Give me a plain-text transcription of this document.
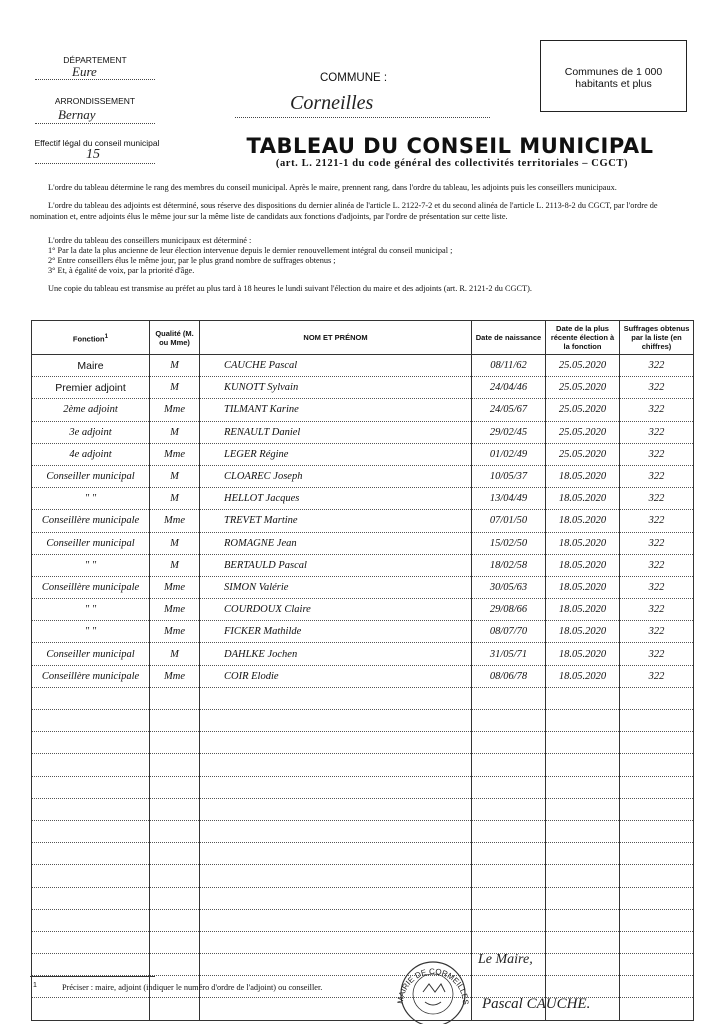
DÉPARTEMENT
Eure
ARRONDISSEMENT
Bernay
Effectif légal du conseil municipal
15
COMMUNE :
Corneilles
Communes de 1 000 habitants et plus
TABLEAU DU CONSEIL MUNICIPAL
(art. L. 2121-1 du code général des collectivités territoriales – CGCT)
L'ordre du tableau détermine le rang des membres du conseil municipal. Après le maire, prennent rang, dans l'ordre du tableau, les adjoints puis les conseillers municipaux.
L'ordre du tableau des adjoints est déterminé, sous réserve des dispositions du dernier alinéa de l'article L. 2122-7-2 et du second alinéa de l'article L. 2113-8-2 du CGCT, par l'ordre de nomination et, entre adjoints élus le même jour sur la même liste de candidats aux fonctions d'adjoints, par l'ordre de présentation sur cette liste.
L'ordre du tableau des conseillers municipaux est déterminé :
1° Par la date la plus ancienne de leur élection intervenue depuis le dernier renouvellement intégral du conseil municipal ;
2° Entre conseillers élus le même jour, par le plus grand nombre de suffrages obtenus ;
3° Et, à égalité de voix, par la priorité d'âge.
Une copie du tableau est transmise au préfet au plus tard à 18 heures le lundi suivant l'élection du maire et des adjoints (art. R. 2121-2 du CGCT).
Fonction$^1$	Qualité (M. ou Mme)	NOM ET PRÉNOM	Date de naissance	Date de la plus récente élection à la fonction	Suffrages obtenus par la liste (en chiffres)
Maire	M	CAUCHE Pascal	08/11/62	25.05.2020	322
Premier adjoint	M	KUNOTT Sylvain	24/04/46	25.05.2020	322
2ème adjoint	Mme	TILMANT Karine	24/05/67	25.05.2020	322
3e adjoint	M	RENAULT Daniel	29/02/45	25.05.2020	322
4e adjoint	Mme	LEGER Régine	01/02/49	25.05.2020	322
Conseiller municipal	M	CLOAREC Joseph	10/05/37	18.05.2020	322
" "	M	HELLOT Jacques	13/04/49	18.05.2020	322
Conseillère municipale	Mme	TREVET Martine	07/01/50	18.05.2020	322
Conseiller municipal	M	ROMAGNE Jean	15/02/50	18.05.2020	322
" "	M	BERTAULD Pascal	18/02/58	18.05.2020	322
Conseillère municipale	Mme	SIMON Valérie	30/05/63	18.05.2020	322
" "	Mme	COURDOUX Claire	29/08/66	18.05.2020	322
" "	Mme	FICKER Mathilde	08/07/70	18.05.2020	322
Conseiller municipal	M	DAHLKE Jochen	31/05/71	18.05.2020	322
Conseillère municipale	Mme	COIR Elodie	08/06/78	18.05.2020	322

MAIRIE DE CORMEILLES
Le Maire,
Pascal CAUCHE.
1	Préciser : maire, adjoint (indiquer le numéro d'ordre de l'adjoint) ou conseiller.
